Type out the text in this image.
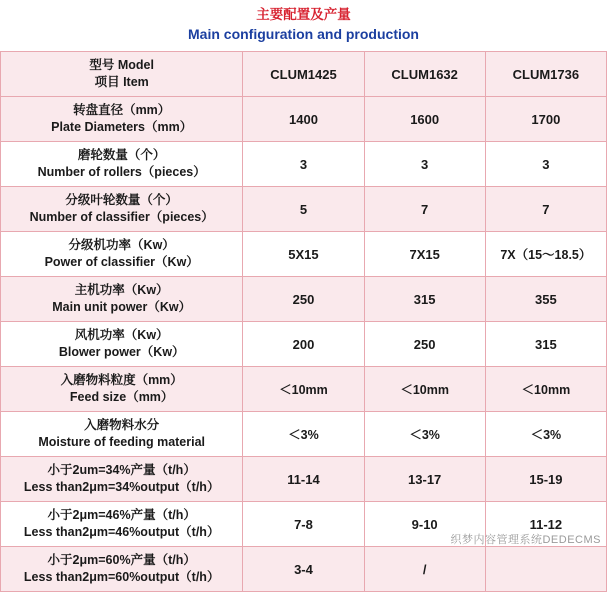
主要配置及产量
Main configuration and production			

型号 Model
项目 Item	CLUM1425	CLUM1632	CLUM1736

转盘直径（mm）
Plate Diameters（mm）	1400	1600	1700

磨轮数量（个）
Number of rollers（pieces）	3	3	3

分级叶轮数量（个）
Number of classifier（pieces）	5	7	7

分级机功率（Kw）
Power of classifier（Kw）	5X15	7X15	7X（15～18.5）

主机功率（Kw）
Main unit power（Kw）	250	315	355

风机功率（Kw）
Blower power（Kw）	200	250	315

入磨物料粒度（mm）
Feed size（mm）	＜10mm	＜10mm	＜10mm

入磨物料水分
Moisture of feeding material	＜3%	＜3%	＜3%

小于2um=34%产量（t/h）
Less than2μm=34%output（t/h）	11-14	13-17	15-19

小于2μm=46%产量（t/h）
Less than2μm=46%output（t/h）	7-8	9-10	11-12

小于2μm=60%产量（t/h）
Less than2μm=60%output（t/h）	3-4	/	
织梦内容管理系统DEDECMS
